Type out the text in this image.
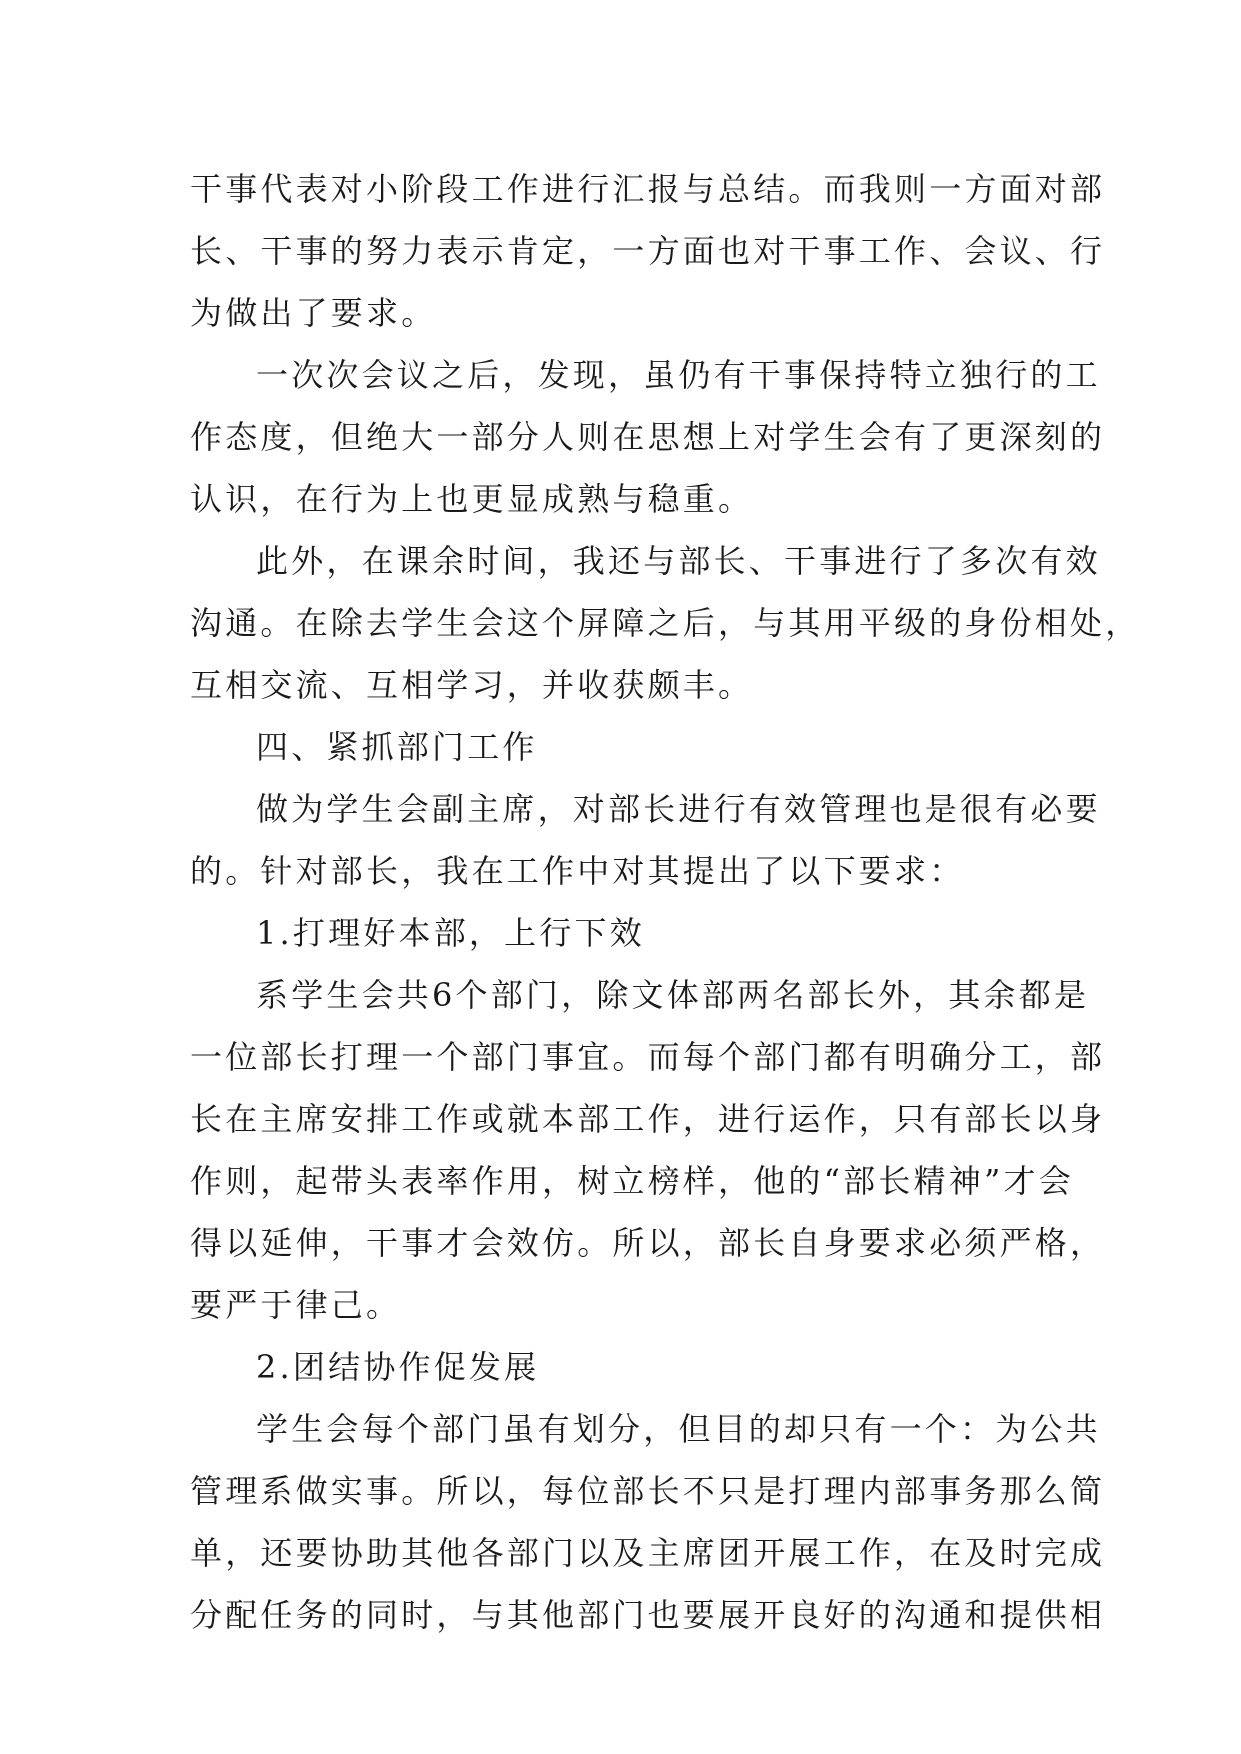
干事代表对小阶段工作进行汇报与总结。而我则一方面对部
长、干事的努力表示肯定，一方面也对干事工作、会议、行
为做出了要求。
一次次会议之后，发现，虽仍有干事保持特立独行的工
作态度，但绝大一部分人则在思想上对学生会有了更深刻的
认识，在行为上也更显成熟与稳重。
此外，在课余时间，我还与部长、干事进行了多次有效
沟通。在除去学生会这个屏障之后，与其用平级的身份相处，
互相交流、互相学习，并收获颇丰。
四、紧抓部门工作
做为学生会副主席，对部长进行有效管理也是很有必要
的。针对部长，我在工作中对其提出了以下要求：
1.打理好本部，上行下效
系学生会共6个部门，除文体部两名部长外，其余都是
一位部长打理一个部门事宜。而每个部门都有明确分工，部
长在主席安排工作或就本部工作，进行运作，只有部长以身
作则，起带头表率作用，树立榜样，他的“部长精神”才会
得以延伸，干事才会效仿。所以，部长自身要求必须严格，
要严于律己。
2.团结协作促发展
学生会每个部门虽有划分，但目的却只有一个：为公共
管理系做实事。所以，每位部长不只是打理内部事务那么简
单，还要协助其他各部门以及主席团开展工作，在及时完成
分配任务的同时，与其他部门也要展开良好的沟通和提供相
